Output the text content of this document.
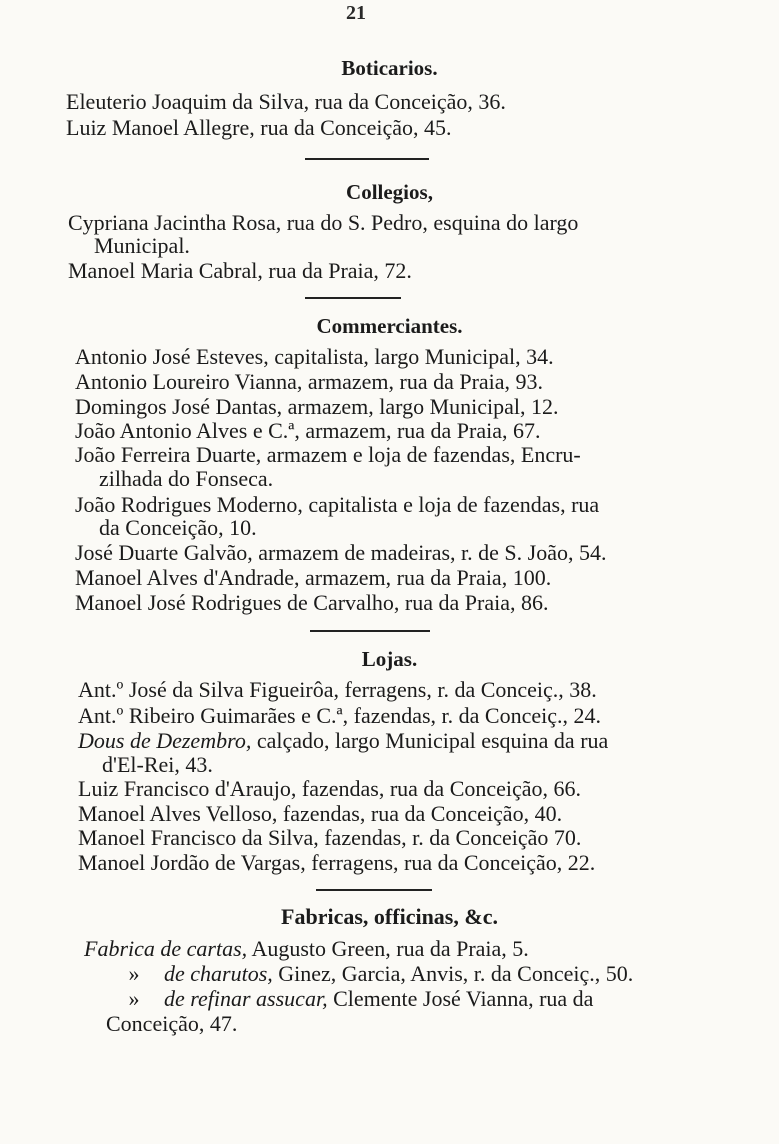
21
Boticarios.
Eleuterio Joaquim da Silva, rua da Conceição, 36.
Luiz Manoel Allegre, rua da Conceição, 45.
Collegios,
Cypriana Jacintha Rosa, rua do S. Pedro, esquina do largo
Municipal.
Manoel Maria Cabral, rua da Praia, 72.
Commerciantes.
Antonio José Esteves, capitalista, largo Municipal, 34.
Antonio Loureiro Vianna, armazem, rua da Praia, 93.
Domingos José Dantas, armazem, largo Municipal, 12.
João Antonio Alves e C.ª, armazem, rua da Praia, 67.
João Ferreira Duarte, armazem e loja de fazendas, Encru-
zilhada do Fonseca.
João Rodrigues Moderno, capitalista e loja de fazendas, rua
da Conceição, 10.
José Duarte Galvão, armazem de madeiras, r. de S. João, 54.
Manoel Alves d'Andrade, armazem, rua da Praia, 100.
Manoel José Rodrigues de Carvalho, rua da Praia, 86.
Lojas.
Ant.º José da Silva Figueirôa, ferragens, r. da Conceiç., 38.
Ant.º Ribeiro Guimarães e C.ª, fazendas, r. da Conceiç., 24.
Dous de Dezembro, calçado, largo Municipal esquina da rua
d'El-Rei, 43.
Luiz Francisco d'Araujo, fazendas, rua da Conceição, 66.
Manoel Alves Velloso, fazendas, rua da Conceição, 40.
Manoel Francisco da Silva, fazendas, r. da Conceição 70.
Manoel Jordão de Vargas, ferragens, rua da Conceição, 22.
Fabricas, officinas, &c.
Fabrica de cartas, Augusto Green, rua da Praia, 5.
» de charutos, Ginez, Garcia, Anvis, r. da Conceiç., 50.
» de refinar assucar, Clemente José Vianna, rua da
Conceição, 47.
